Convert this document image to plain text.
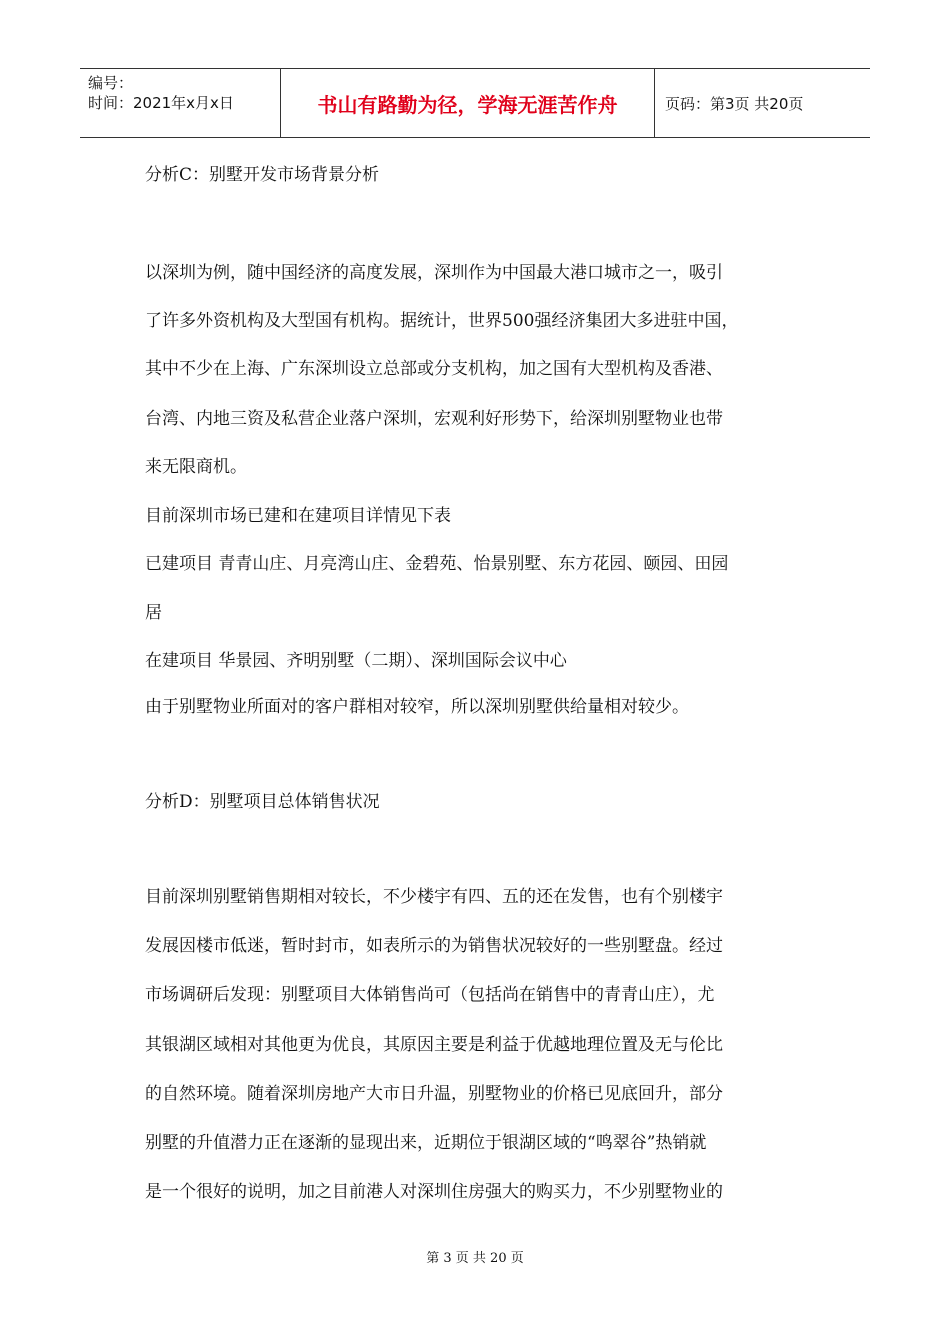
编号：
时间：2021年x月x日	书山有路勤为径，学海无涯苦作舟	页码：第3页 共20页
分析C：别墅开发市场背景分析
以深圳为例，随中国经济的高度发展，深圳作为中国最大港口城市之一，吸引
了许多外资机构及大型国有机构。据统计，世界500强经济集团大多进驻中国，
其中不少在上海、广东深圳设立总部或分支机构，加之国有大型机构及香港、
台湾、内地三资及私营企业落户深圳，宏观利好形势下，给深圳别墅物业也带
来无限商机。
目前深圳市场已建和在建项目详情见下表
已建项目 青青山庄、月亮湾山庄、金碧苑、怡景别墅、东方花园、颐园、田园
居
在建项目 华景园、齐明别墅（二期）、深圳国际会议中心
由于别墅物业所面对的客户群相对较窄，所以深圳别墅供给量相对较少。
分析D：别墅项目总体销售状况
目前深圳别墅销售期相对较长，不少楼宇有四、五的还在发售，也有个别楼宇
发展因楼市低迷，暂时封市，如表所示的为销售状况较好的一些别墅盘。经过
市场调研后发现：别墅项目大体销售尚可（包括尚在销售中的青青山庄），尤
其银湖区域相对其他更为优良，其原因主要是利益于优越地理位置及无与伦比
的自然环境。随着深圳房地产大市日升温，别墅物业的价格已见底回升，部分
别墅的升值潜力正在逐渐的显现出来，近期位于银湖区域的“鸣翠谷”热销就
是一个很好的说明，加之目前港人对深圳住房强大的购买力，不少别墅物业的
第 3 页 共 20 页
